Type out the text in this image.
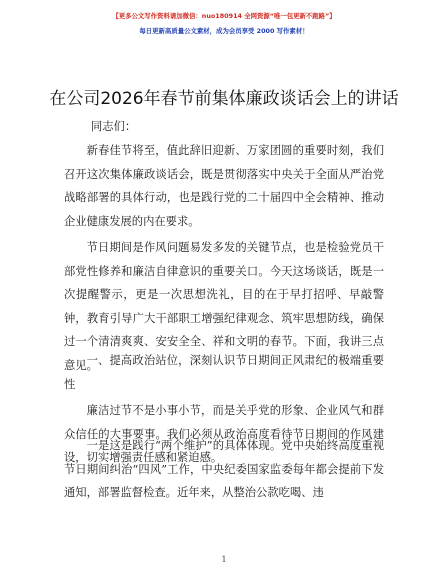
【更多公文写作资料请加微信：nuo180914 全网资源“唯一包更新不跑路”】
每日更新高质量公文素材，成为会员享受 2000 写作素材！
在公司2026年春节前集体廉政谈话会上的讲话
同志们：

新春佳节将至，值此辞旧迎新、万家团圆的重要时刻，我们召开这次集体廉政谈话会，既是贯彻落实中央关于全面从严治党战略部署的具体行动，也是践行党的二十届四中全会精神、推动企业健康发展的内在要求。

节日期间是作风问题易发多发的关键节点，也是检验党员干部党性修养和廉洁自律意识的重要关口。今天这场谈话，既是一次提醒警示，更是一次思想洗礼，目的在于早打招呼、早敲警钟，教育引导广大干部职工增强纪律观念、筑牢思想防线，确保过一个清清爽爽、安安全全、祥和文明的春节。下面，我讲三点意见。

一、提高政治站位，深刻认识节日期间正风肃纪的极端重要性

廉洁过节不是小事小节，而是关乎党的形象、企业风气和群众信任的大事要事。我们必须从政治高度看待节日期间的作风建设，切实增强责任感和紧迫感。

一是这是践行“两个维护”的具体体现。党中央始终高度重视节日期间纠治“四风”工作，中央纪委国家监委每年都会提前下发通知，部署监督检查。近年来，从整治公款吃喝、违

1
